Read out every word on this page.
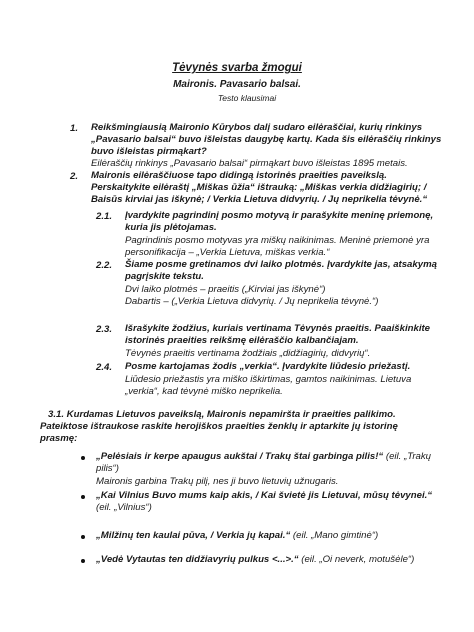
Tėvynės svarba žmogui
Maironis. Pavasario balsai.
Testo klausimai
1. Reikšmingiausią Maironio Kūrybos dalį sudaro eilėraščiai, kurių rinkinys
„Pavasario balsai“ buvo išleistas daugybę kartų. Kada šis eilėraščių rinkinys
buvo išleistas pirmąkart?
Eilėraščių rinkinys „Pavasario balsai“ pirmąkart buvo išleistas 1895 metais.
2. Maironis eilėraščiuose tapo didingą istorinės praeities paveikslą.
Perskaitykite eilėraštį „Miškas ūžia“ ištrauką: „Miškas verkia didžiagirių; /
Baisūs kirviai jas iškynė; / Verkia Lietuva didvyrių. / Jų neprikelia tėvynė.“
2.1. Įvardykite pagrindinį posmo motyvą ir parašykite meninę priemonę,
kuria jis plėtojamas.
Pagrindinis posmo motyvas yra miškų naikinimas. Meninė priemonė yra
personifikacija – „Verkia Lietuva, miškas verkia.“
2.2. Šiame posme gretinamos dvi laiko plotmės. Įvardykite jas, atsakymą
pagrįskite tekstu.
Dvi laiko plotmės – praeitis („Kirviai jas iškynė“)
Dabartis – („Verkia Lietuva didvyrių. / Jų neprikelia tėvynė.“)
2.3. Išrašykite žodžius, kuriais vertinama Tėvynės praeitis. Paaiškinkite
istorinės praeities reikšmę eilėraščio kalbančiajam.
Tėvynės praeitis vertinama žodžiais „didžiagirių, didvyrių“.
2.4. Posme kartojamas žodis „verkia“. Įvardykite liūdesio priežastį.
Liūdesio priežastis yra miško iškirtimas, gamtos naikinimas. Lietuva
„verkia“, kad tėvynė miško neprikelia.
3.1. Kurdamas Lietuvos paveikslą, Maironis nepamiršta ir praeities palikimo.
Pateiktose ištraukose raskite herojiškos praeities ženklų ir aptarkite jų istorinę
prasmę:
„Pelėsiais ir kerpe apaugus aukštai / Trakų štai garbinga pilis!“ (eil. „Trakų
pilis“)
Maironis garbina Trakų pilį, nes ji buvo lietuvių užnugaris.
„Kai Vilnius Buvo mums kaip akis, / Kai švietė jis Lietuvai, mūsų tėvynei.“
(eil. „Vilnius“)
„Milžinų ten kaulai pūva, / Verkia jų kapai.“ (eil. „Mano gimtinė“)
„Vedė Vytautas ten didžiavyrių pulkus <...>.“ (eil. „Oi neverk, motušėle“)
